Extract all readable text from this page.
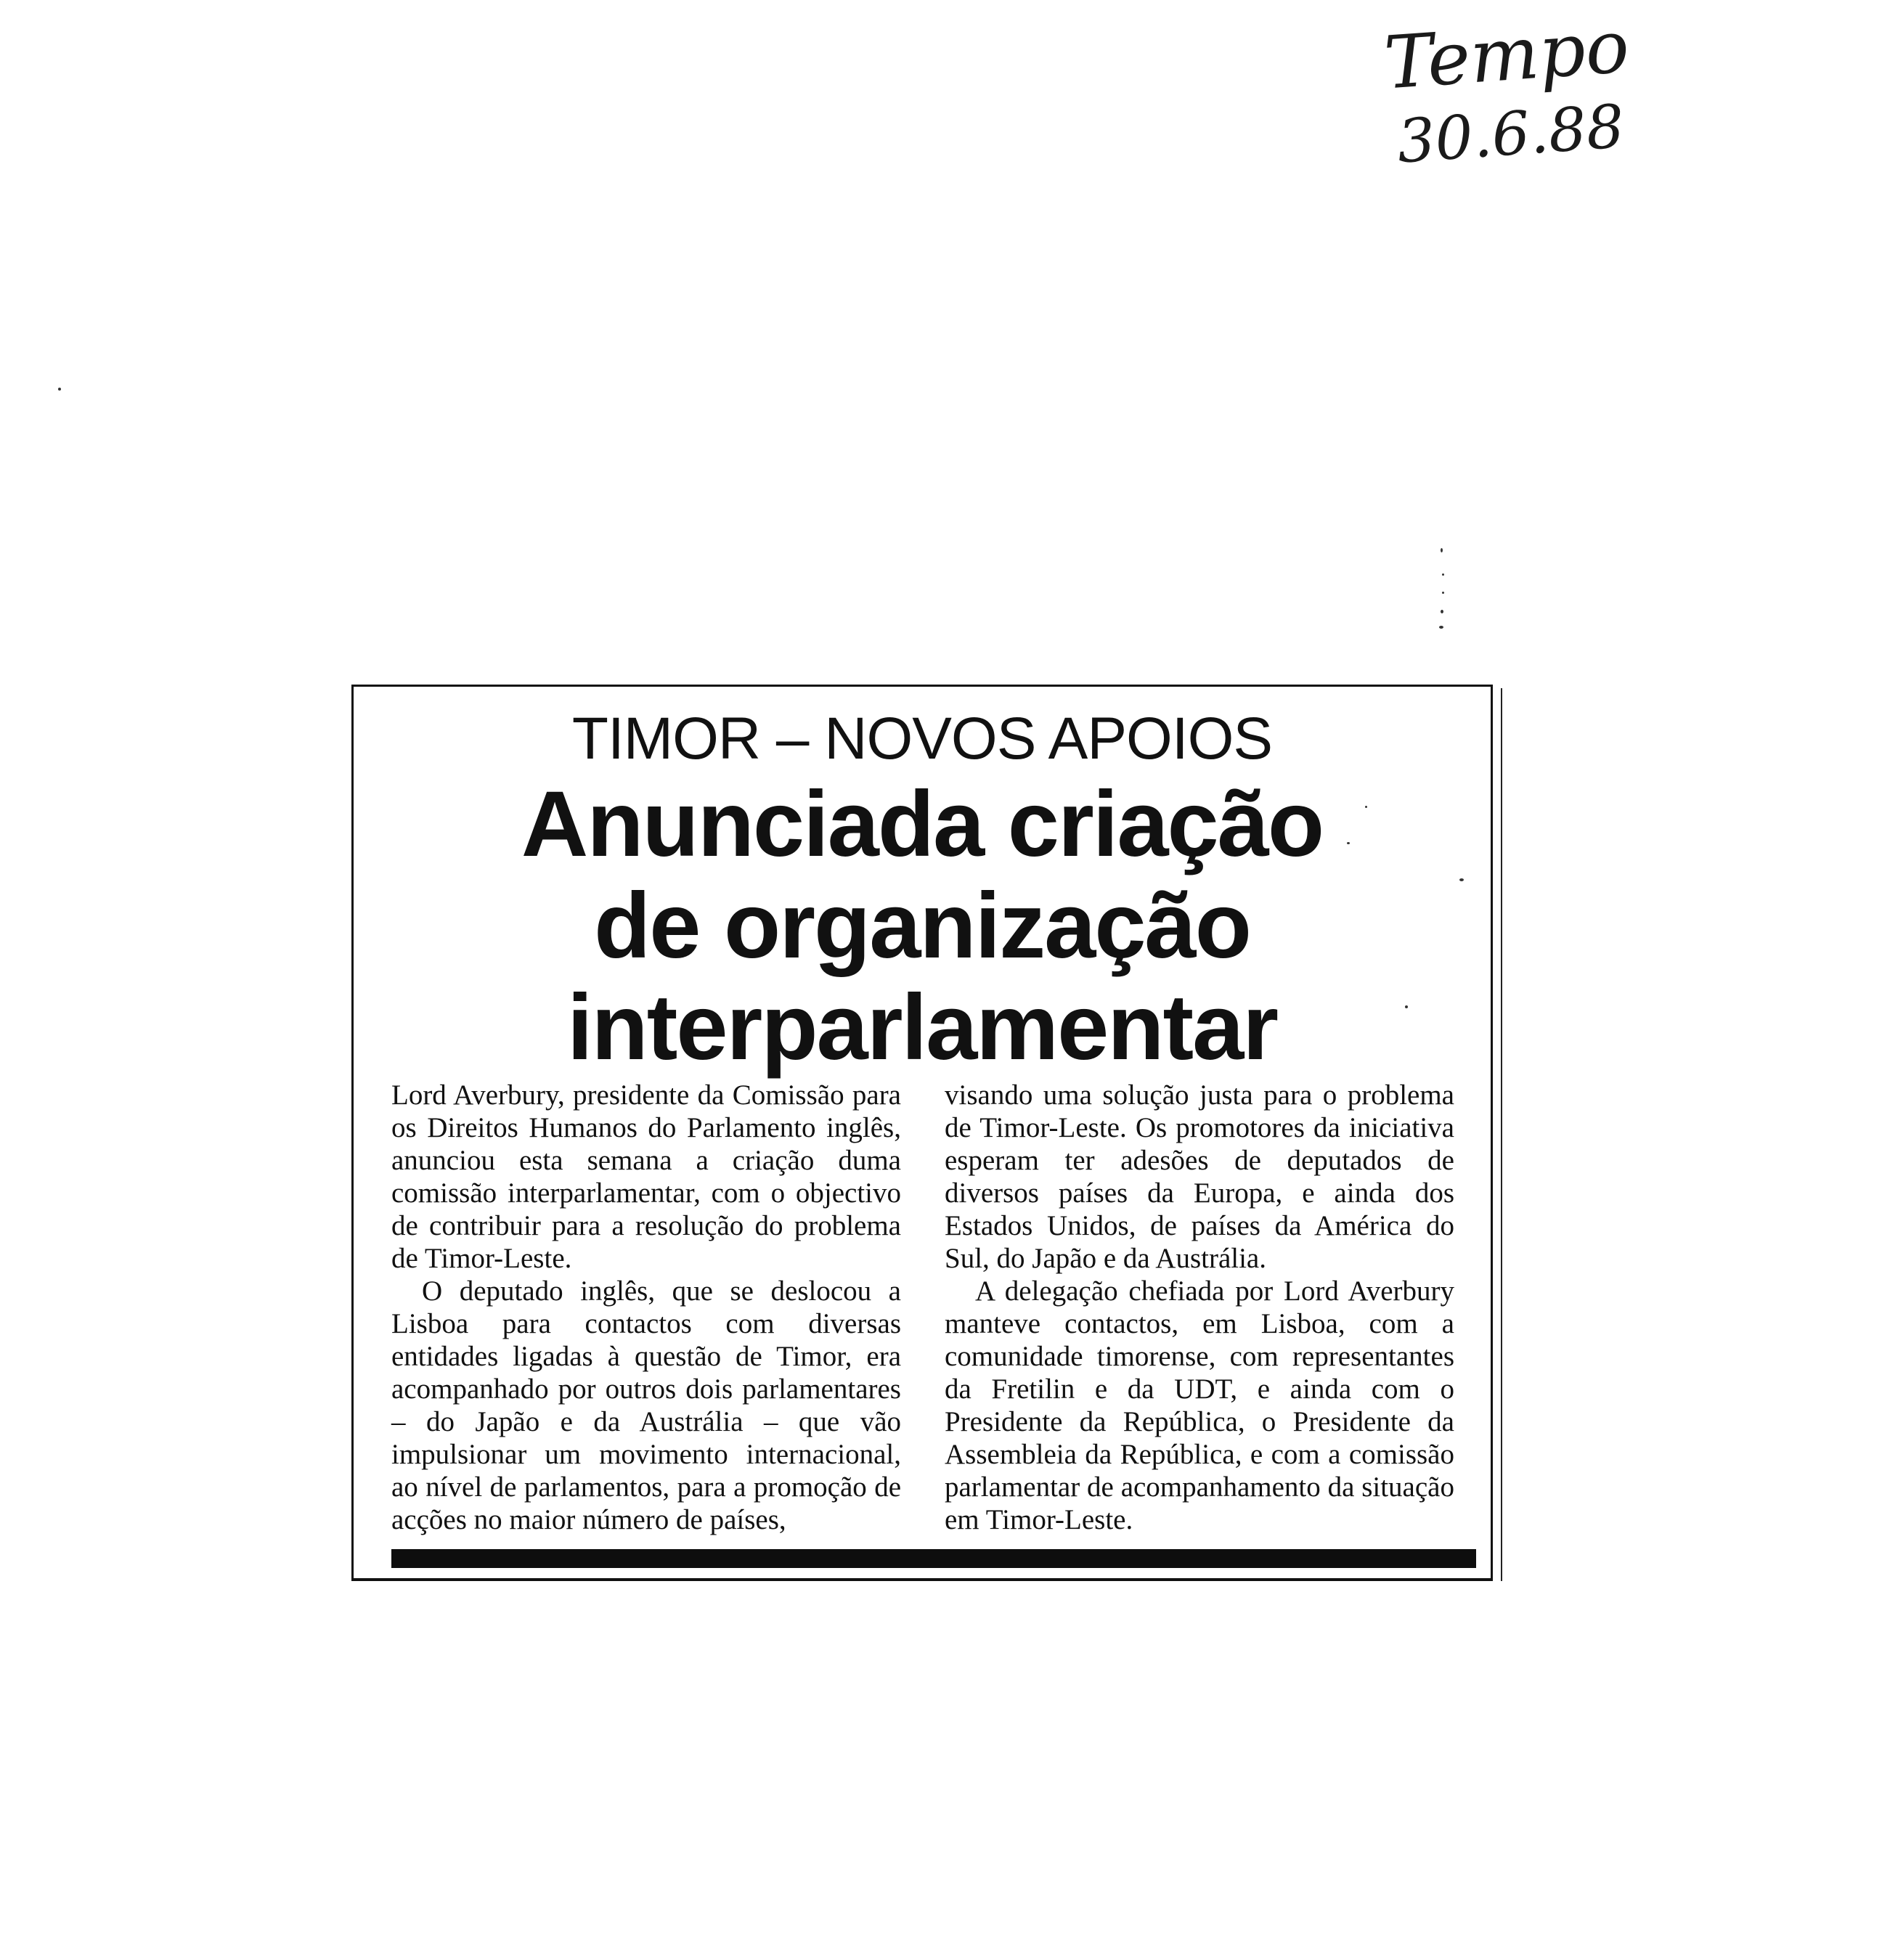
Tempo
30.6.88
TIMOR – NOVOS APOIOS
Anunciada criação
de organização
interparlamentar

Lord Averbury, presidente da Comissão para os Direitos Humanos do Parlamento inglês, anunciou esta semana a criação duma comissão interparlamentar, com o objectivo de contribuir para a resolução do problema de Timor-Leste.

O deputado inglês, que se deslocou a Lisboa para contactos com diversas entidades ligadas à questão de Timor, era acompanhado por outros dois parlamentares – do Japão e da Austrália – que vão impulsionar um movimento internacional, ao nível de parlamentos, para a promoção de acções no maior número de países,

visando uma solução justa para o problema de Timor-Leste. Os promotores da iniciativa esperam ter adesões de deputados de diversos países da Europa, e ainda dos Estados Unidos, de países da América do Sul, do Japão e da Austrália.

A delegação chefiada por Lord Averbury manteve contactos, em Lisboa, com a comunidade timorense, com representantes da Fretilin e da UDT, e ainda com o Presidente da República, o Presidente da Assembleia da República, e com a comissão parlamentar de acompanhamento da situação em Timor-Leste.
